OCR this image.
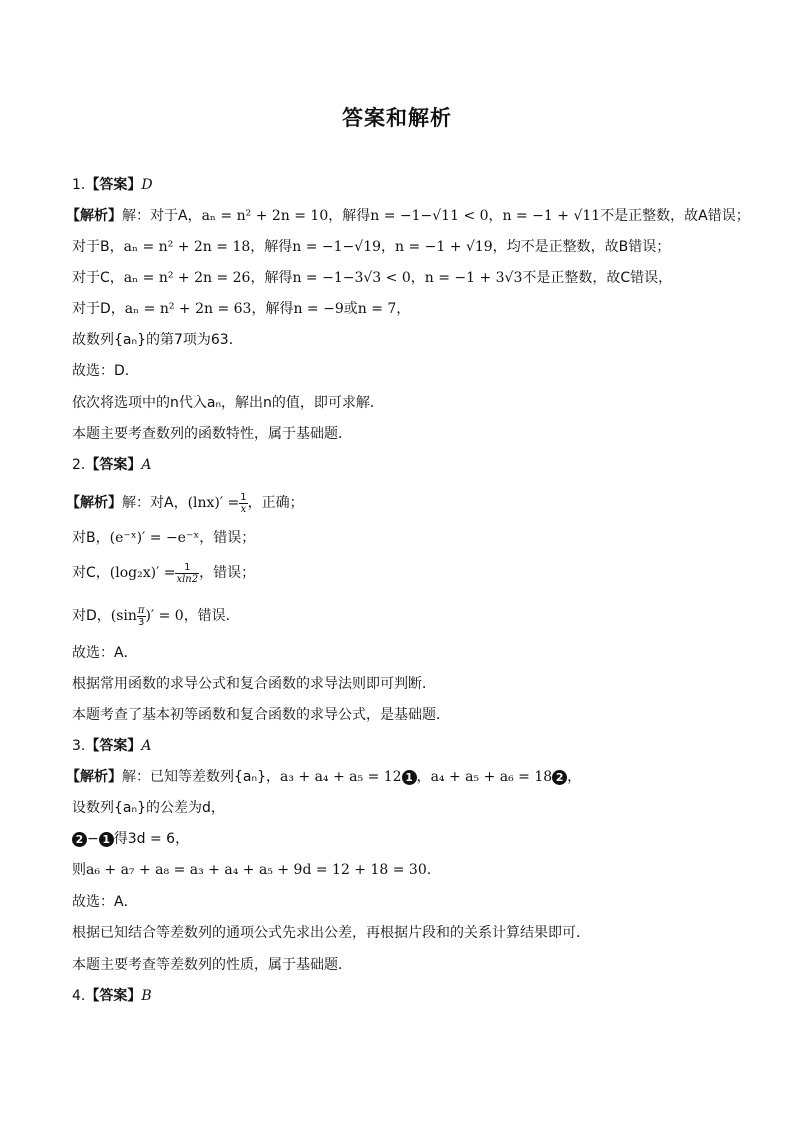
答案和解析
1.【答案】D
【解析】解：对于A，aₙ = n² + 2n = 10，解得n = −1−√11 < 0，n = −1 + √11不是正整数，故A错误；
对于B，aₙ = n² + 2n = 18，解得n = −1−√19，n = −1 + √19，均不是正整数，故B错误；
对于C，aₙ = n² + 2n = 26，解得n = −1−3√3 < 0，n = −1 + 3√3不是正整数，故C错误，
对于D，aₙ = n² + 2n = 63，解得n = −9或n = 7，
故数列{aₙ}的第7项为63．
故选：D．
依次将选项中的n代入aₙ，解出n的值，即可求解．
本题主要考查数列的函数特性，属于基础题．
2.【答案】A
【解析】解：对A，$(\ln x)' = \frac{1}{x}$ ，正确；
对B，(e⁻ˣ)′ = −e⁻ˣ，错误；
对C，$(\log_2x)' = \frac{1}{xln2}$ ，错误；
对D，($\sin \frac{\pi}{3}$ )′ = 0，错误．
故选：A．
根据常用函数的求导公式和复合函数的求导法则即可判断．
本题考查了基本初等函数和复合函数的求导公式，是基础题．
3.【答案】A
【解析】解：已知等差数列{aₙ}，a₃ + a₄ + a₅ = 12 1 ，a₄ + a₅ + a₆ = 18 2 ，
设数列{aₙ}的公差为d，
2 − 1 得3d = 6，
则a₆ + a₇ + a₈ = a₃ + a₄ + a₅ + 9d = 12 + 18 = 30.
故选：A．
根据已知结合等差数列的通项公式先求出公差，再根据片段和的关系计算结果即可．
本题主要考查等差数列的性质，属于基础题．
4.【答案】B
